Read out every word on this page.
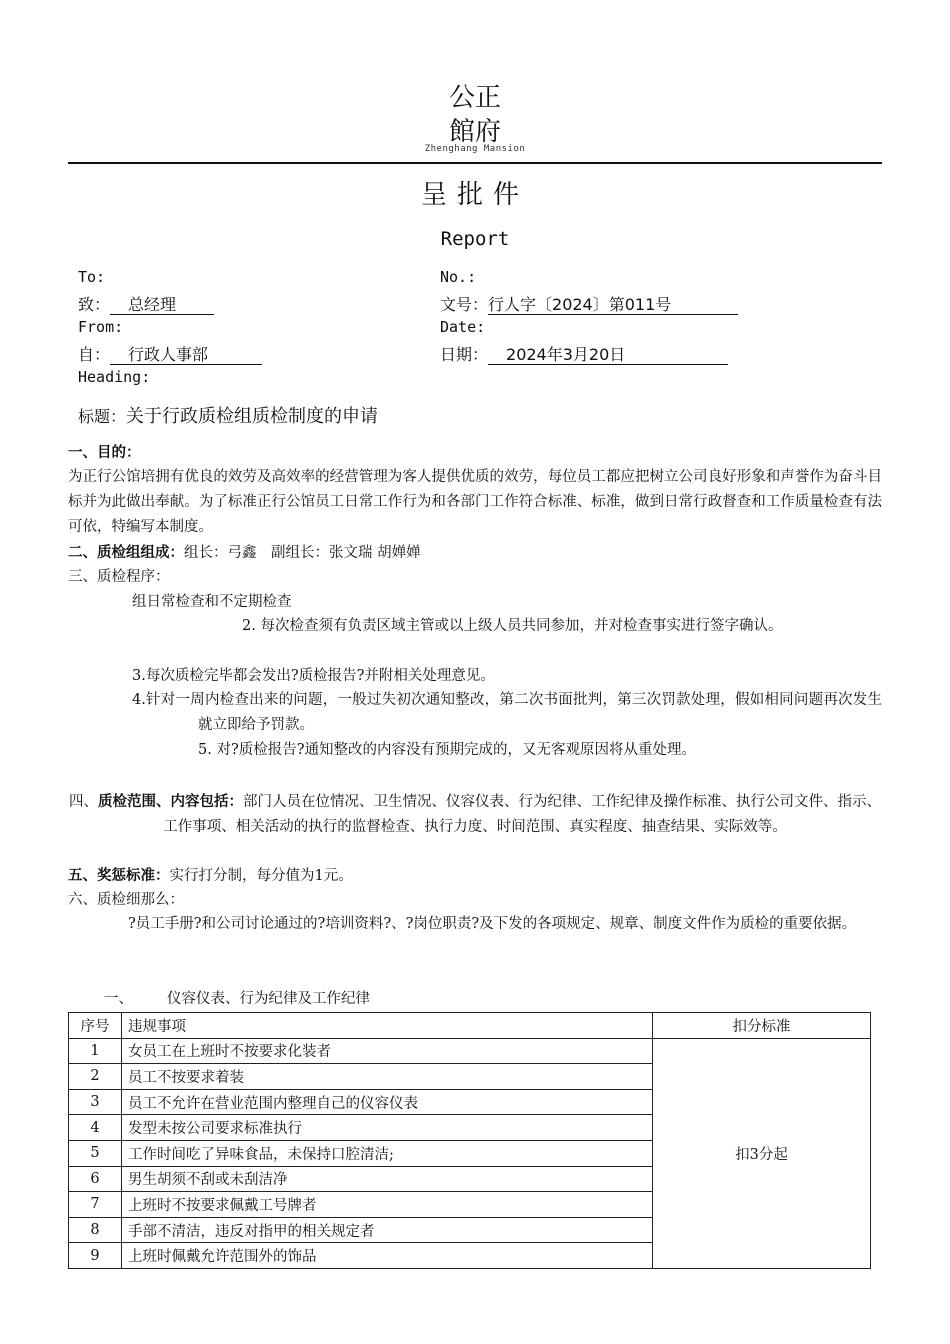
公正
館府
Zhenghang Mansion
呈批件
Report
To:
致： 总经理
No.:
文号：行人字〔2024〕第011号
From:
自： 行政人事部
Date:
日期： 2024年3月20日
Heading:
标题：关于行政质检组质检制度的申请
一、目的：
为正行公馆培拥有优良的效劳及高效率的经营管理为客人提供优质的效劳，每位员工都应把树立公司良好形象和声誉作为奋斗目标并为此做出奉献。为了标准正行公馆员工日常工作行为和各部门工作符合标准、标准，做到日常行政督查和工作质量检查有法可依，特编写本制度。
二、质检组组成：组长：弓鑫　副组长：张文瑞 胡婵婵
三、质检程序：
组日常检查和不定期检查
2. 每次检查须有负责区域主管或以上级人员共同参加，并对检查事实进行签字确认。
3.每次质检完毕都会发出?质检报告?并附相关处理意见。
4.针对一周内检查出来的问题，一般过失初次通知整改，第二次书面批判，第三次罚款处理，假如相同问题再次发生就立即给予罚款。
5. 对?质检报告?通知整改的内容没有预期完成的，又无客观原因将从重处理。
四、质检范围、内容包括：部门人员在位情况、卫生情况、仪容仪表、行为纪律、工作纪律及操作标准、执行公司文件、指示、工作事项、相关活动的执行的监督检查、执行力度、时间范围、真实程度、抽查结果、实际效等。
五、奖惩标准：实行打分制，每分值为1元。
六、质检细那么：
?员工手册?和公司讨论通过的?培训资料?、?岗位职责?及下发的各项规定、规章、制度文件作为质检的重要依据。
一、 仪容仪表、行为纪律及工作纪律
序号	违规事项	扣分标准
1	女员工在上班时不按要求化装者	扣3分起
2	员工不按要求着装	
3	员工不允许在营业范围内整理自己的仪容仪表	
4	发型未按公司要求标准执行	
5	工作时间吃了异味食品，未保持口腔清洁;	
6	男生胡须不刮或未刮洁净	
7	上班时不按要求佩戴工号牌者	
8	手部不清洁，违反对指甲的相关规定者	
9	上班时佩戴允许范围外的饰品	
